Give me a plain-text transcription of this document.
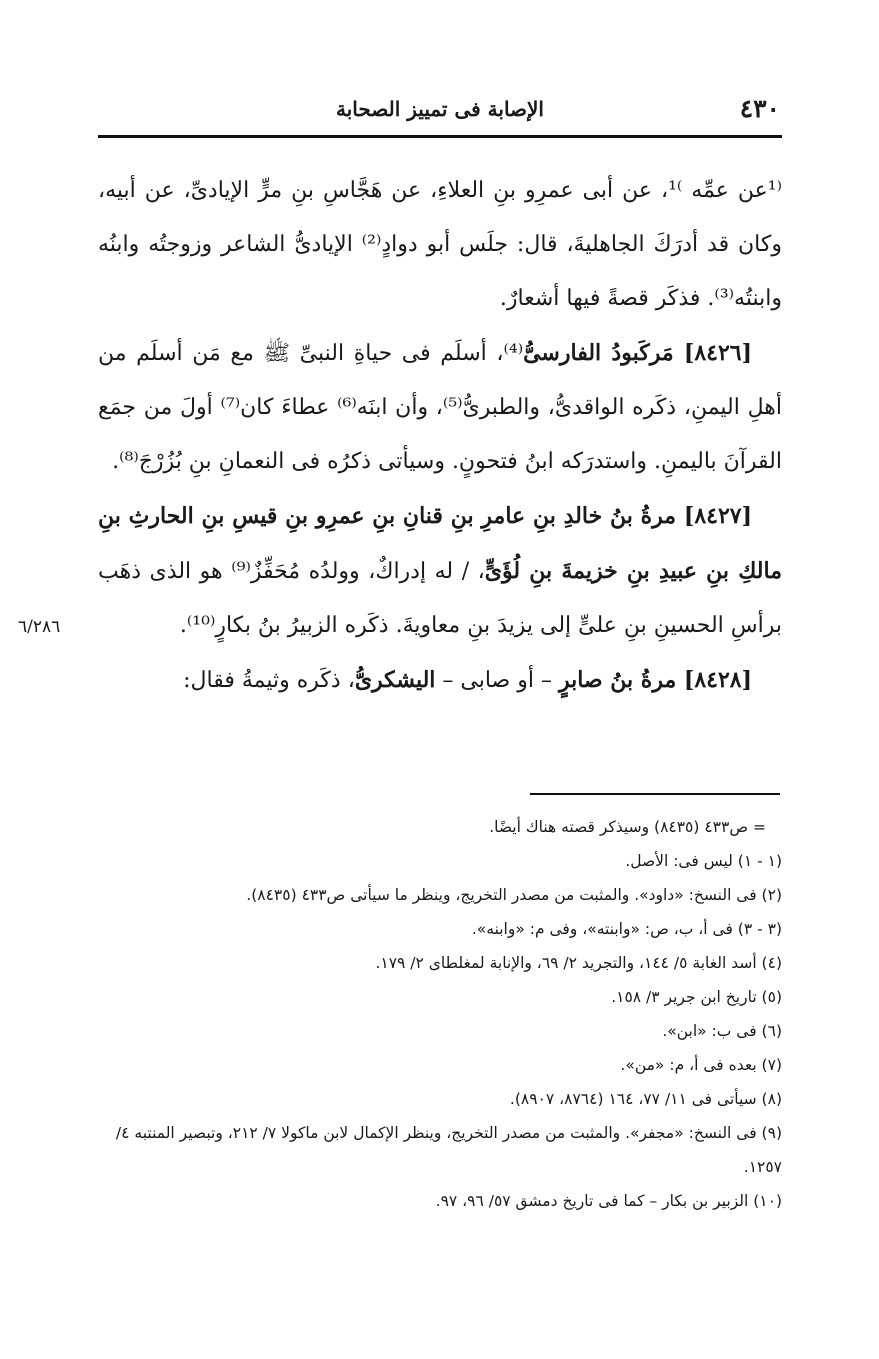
٤٣٠
الإصابة فى تمييز الصحابة

⁽¹عن عمِّه ⁾¹، عن أبى عمرِو بنِ العلاءِ، عن هَجَّاسِ بنِ مرٍّ الإيادىِّ، عن أبيه، وكان قد أدرَكَ الجاهليةَ، قال: جلَس أبو دوادٍ⁽²⁾ الإيادىُّ الشاعر وزوجتُه وابنُه وابنتُه⁽³⁾. فذكَر قصةً فيها أشعارٌ.

[٨٤٢٦] مَركَبودُ الفارسىُّ⁽⁴⁾، أسلَم فى حياةِ النبىِّ ﷺ مع مَن أسلَم من أهلِ اليمنِ، ذكَره الواقدىُّ، والطبرىُّ⁽⁵⁾، وأن ابنَه⁽⁶⁾ عطاءَ كان⁽⁷⁾ أولَ من جمَع القرآنَ باليمنِ. واستدرَكه ابنُ فتحونٍ. وسيأتى ذكرُه فى النعمانِ بنِ بُزُرْجَ⁽⁸⁾.

[٨٤٢٧] مرةُ بنُ خالدِ بنِ عامرِ بنِ قنانِ بنِ عمرِو بنِ قيسِ بنِ الحارثِ بنِ مالكِ بنِ عبيدِ بنِ خزيمةَ بنِ لُؤَىٍّ، / له إدراكٌ، وولدُه مُحَفِّزٌ⁽⁹⁾ هو الذى ذهَب برأسِ الحسينِ بنِ علىٍّ إلى يزيدَ بنِ معاويةَ. ذكَره الزبيرُ بنُ بكارٍ⁽¹⁰⁾.

[٨٤٢٨] مرةُ بنُ صابرٍ – أو صابى – اليشكرىُّ، ذكَره وثيمةُ فقال:

٦/٢٨٦

= ص٤٣٣ (٨٤٣٥) وسيذكر قصته هناك أيضًا.

(١ - ١) ليس فى: الأصل.

(٢) فى النسخ: «داود». والمثبت من مصدر التخريج، وينظر ما سيأتى ص٤٣٣ (٨٤٣٥).

(٣ - ٣) فى أ، ب، ص: «وابنته»، وفى م: «وابنه».

(٤) أسد الغابة ٥/ ١٤٤، والتجريد ٢/ ٦٩، والإنابة لمغلطاى ٢/ ١٧٩.

(٥) تاريخ ابن جرير ٣/ ١٥٨.

(٦) فى ب: «ابن».

(٧) بعده فى أ، م: «من».

(٨) سيأتى فى ١١/ ٧٧، ١٦٤ (٨٧٦٤، ٨٩٠٧).

(٩) فى النسخ: «مجفر». والمثبت من مصدر التخريج، وينظر الإكمال لابن ماكولا ٧/ ٢١٢، وتبصير المنتبه ٤/ ١٢٥٧.

(١٠) الزبير بن بكار – كما فى تاريخ دمشق ٥٧/ ٩٦، ٩٧.
